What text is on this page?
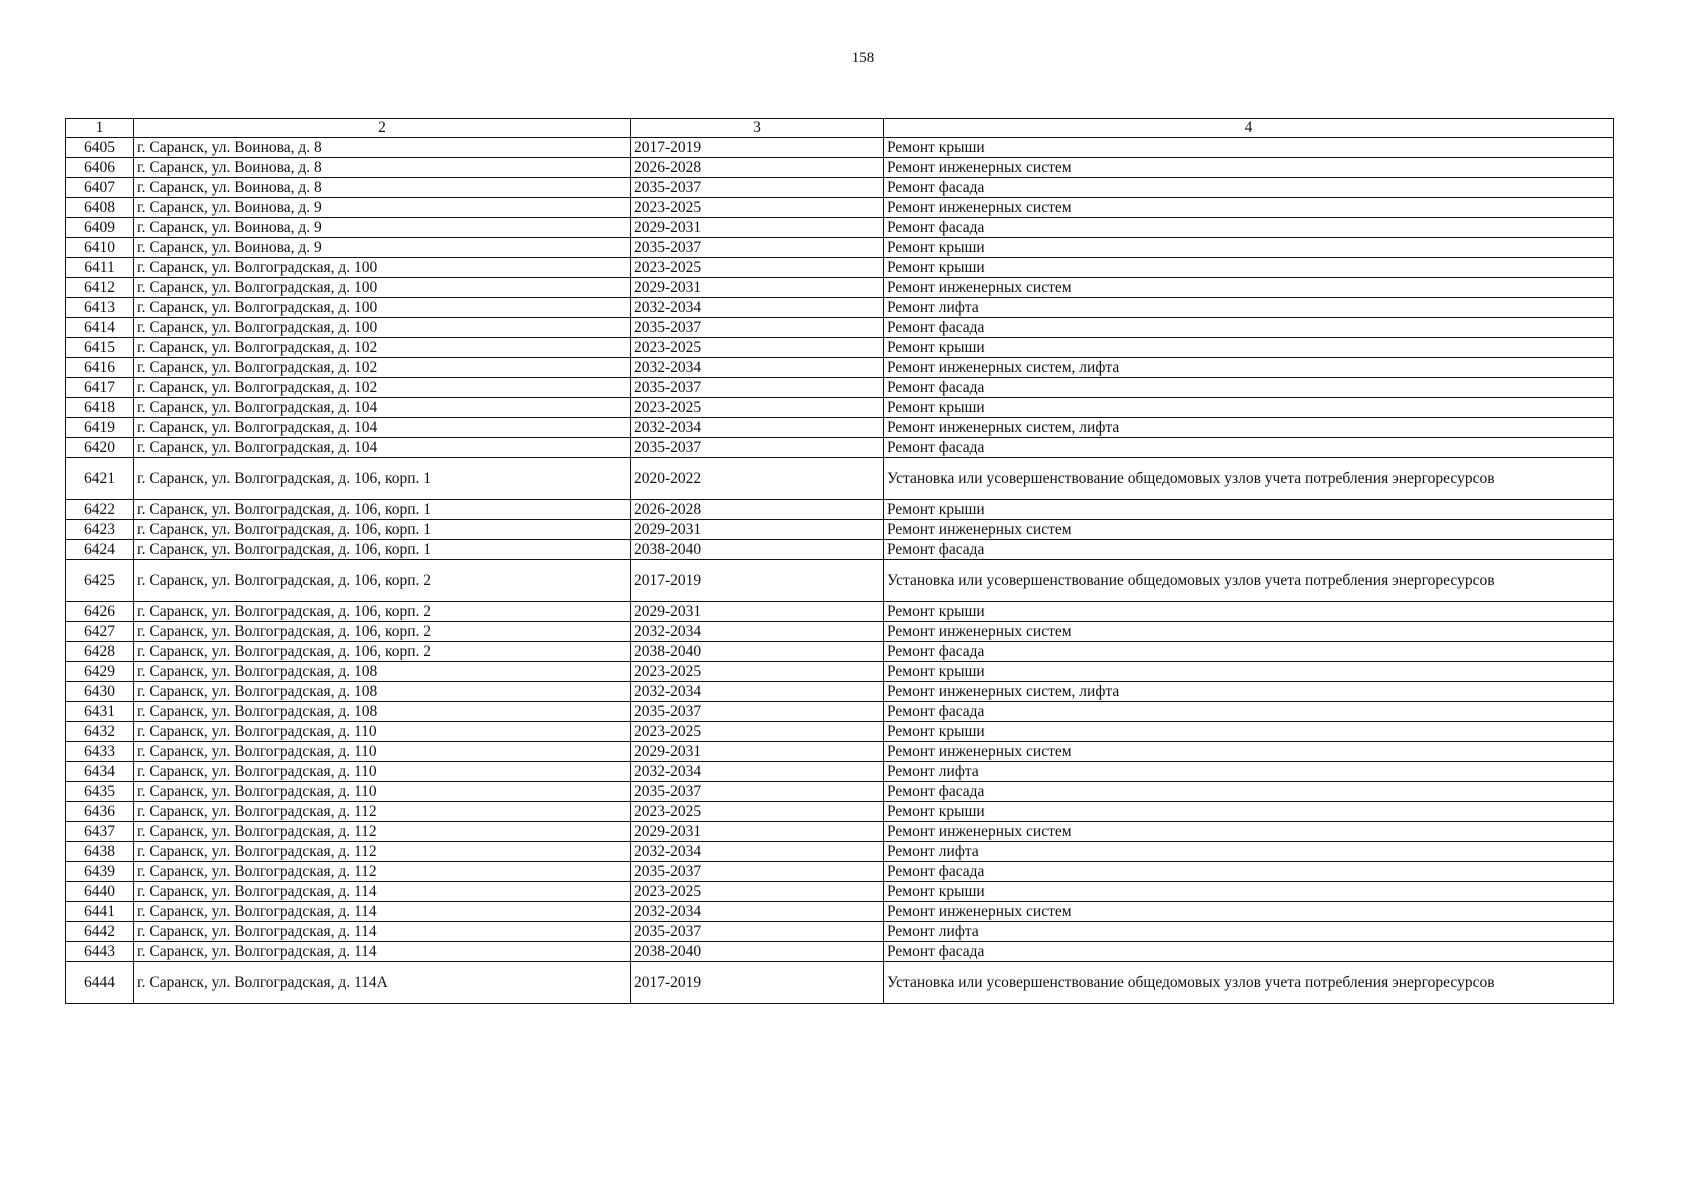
158
1	2	3	4
6405	г. Саранск, ул. Воинова, д. 8	2017-2019	Ремонт крыши
6406	г. Саранск, ул. Воинова, д. 8	2026-2028	Ремонт инженерных систем
6407	г. Саранск, ул. Воинова, д. 8	2035-2037	Ремонт фасада
6408	г. Саранск, ул. Воинова, д. 9	2023-2025	Ремонт инженерных систем
6409	г. Саранск, ул. Воинова, д. 9	2029-2031	Ремонт фасада
6410	г. Саранск, ул. Воинова, д. 9	2035-2037	Ремонт крыши
6411	г. Саранск, ул. Волгоградская, д. 100	2023-2025	Ремонт крыши
6412	г. Саранск, ул. Волгоградская, д. 100	2029-2031	Ремонт инженерных систем
6413	г. Саранск, ул. Волгоградская, д. 100	2032-2034	Ремонт лифта
6414	г. Саранск, ул. Волгоградская, д. 100	2035-2037	Ремонт фасада
6415	г. Саранск, ул. Волгоградская, д. 102	2023-2025	Ремонт крыши
6416	г. Саранск, ул. Волгоградская, д. 102	2032-2034	Ремонт инженерных систем, лифта
6417	г. Саранск, ул. Волгоградская, д. 102	2035-2037	Ремонт фасада
6418	г. Саранск, ул. Волгоградская, д. 104	2023-2025	Ремонт крыши
6419	г. Саранск, ул. Волгоградская, д. 104	2032-2034	Ремонт инженерных систем, лифта
6420	г. Саранск, ул. Волгоградская, д. 104	2035-2037	Ремонт фасада
6421	г. Саранск, ул. Волгоградская, д. 106, корп. 1	2020-2022	Установка или усовершенствование общедомовых узлов учета потребления энергоресурсов
6422	г. Саранск, ул. Волгоградская, д. 106, корп. 1	2026-2028	Ремонт крыши
6423	г. Саранск, ул. Волгоградская, д. 106, корп. 1	2029-2031	Ремонт инженерных систем
6424	г. Саранск, ул. Волгоградская, д. 106, корп. 1	2038-2040	Ремонт фасада
6425	г. Саранск, ул. Волгоградская, д. 106, корп. 2	2017-2019	Установка или усовершенствование общедомовых узлов учета потребления энергоресурсов
6426	г. Саранск, ул. Волгоградская, д. 106, корп. 2	2029-2031	Ремонт крыши
6427	г. Саранск, ул. Волгоградская, д. 106, корп. 2	2032-2034	Ремонт инженерных систем
6428	г. Саранск, ул. Волгоградская, д. 106, корп. 2	2038-2040	Ремонт фасада
6429	г. Саранск, ул. Волгоградская, д. 108	2023-2025	Ремонт крыши
6430	г. Саранск, ул. Волгоградская, д. 108	2032-2034	Ремонт инженерных систем, лифта
6431	г. Саранск, ул. Волгоградская, д. 108	2035-2037	Ремонт фасада
6432	г. Саранск, ул. Волгоградская, д. 110	2023-2025	Ремонт крыши
6433	г. Саранск, ул. Волгоградская, д. 110	2029-2031	Ремонт инженерных систем
6434	г. Саранск, ул. Волгоградская, д. 110	2032-2034	Ремонт лифта
6435	г. Саранск, ул. Волгоградская, д. 110	2035-2037	Ремонт фасада
6436	г. Саранск, ул. Волгоградская, д. 112	2023-2025	Ремонт крыши
6437	г. Саранск, ул. Волгоградская, д. 112	2029-2031	Ремонт инженерных систем
6438	г. Саранск, ул. Волгоградская, д. 112	2032-2034	Ремонт лифта
6439	г. Саранск, ул. Волгоградская, д. 112	2035-2037	Ремонт фасада
6440	г. Саранск, ул. Волгоградская, д. 114	2023-2025	Ремонт крыши
6441	г. Саранск, ул. Волгоградская, д. 114	2032-2034	Ремонт инженерных систем
6442	г. Саранск, ул. Волгоградская, д. 114	2035-2037	Ремонт лифта
6443	г. Саранск, ул. Волгоградская, д. 114	2038-2040	Ремонт фасада
6444	г. Саранск, ул. Волгоградская, д. 114А	2017-2019	Установка или усовершенствование общедомовых узлов учета потребления энергоресурсов
